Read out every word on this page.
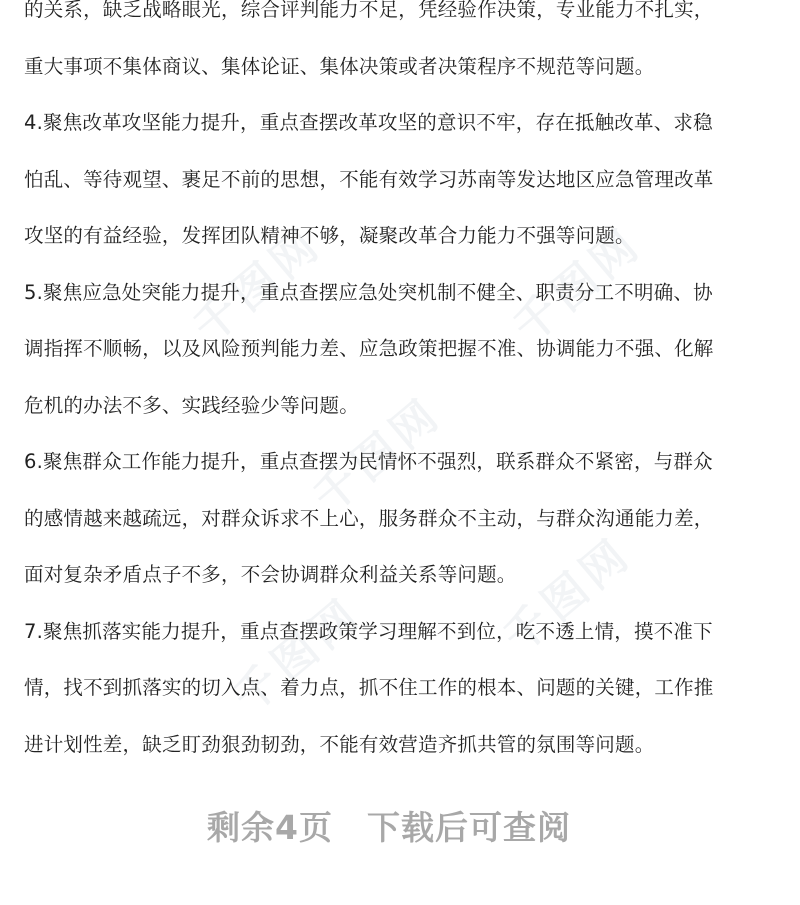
千图网	千图网
千图网
千图网
千图网

的关系，缺乏战略眼光，综合评判能力不足，凭经验作决策，专业能力不扎实，
重大事项不集体商议、集体论证、集体决策或者决策程序不规范等问题。

4.聚焦改革攻坚能力提升，重点查摆改革攻坚的意识不牢，存在抵触改革、求稳
怕乱、等待观望、裹足不前的思想，不能有效学习苏南等发达地区应急管理改革
攻坚的有益经验，发挥团队精神不够，凝聚改革合力能力不强等问题。

5.聚焦应急处突能力提升，重点查摆应急处突机制不健全、职责分工不明确、协
调指挥不顺畅，以及风险预判能力差、应急政策把握不准、协调能力不强、化解
危机的办法不多、实践经验少等问题。

6.聚焦群众工作能力提升，重点查摆为民情怀不强烈，联系群众不紧密，与群众
的感情越来越疏远，对群众诉求不上心，服务群众不主动，与群众沟通能力差，
面对复杂矛盾点子不多，不会协调群众利益关系等问题。

7.聚焦抓落实能力提升，重点查摆政策学习理解不到位，吃不透上情，摸不准下
情，找不到抓落实的切入点、着力点，抓不住工作的根本、问题的关键，工作推
进计划性差，缺乏盯劲狠劲韧劲，不能有效营造齐抓共管的氛围等问题。

剩余4页 下载后可查阅
